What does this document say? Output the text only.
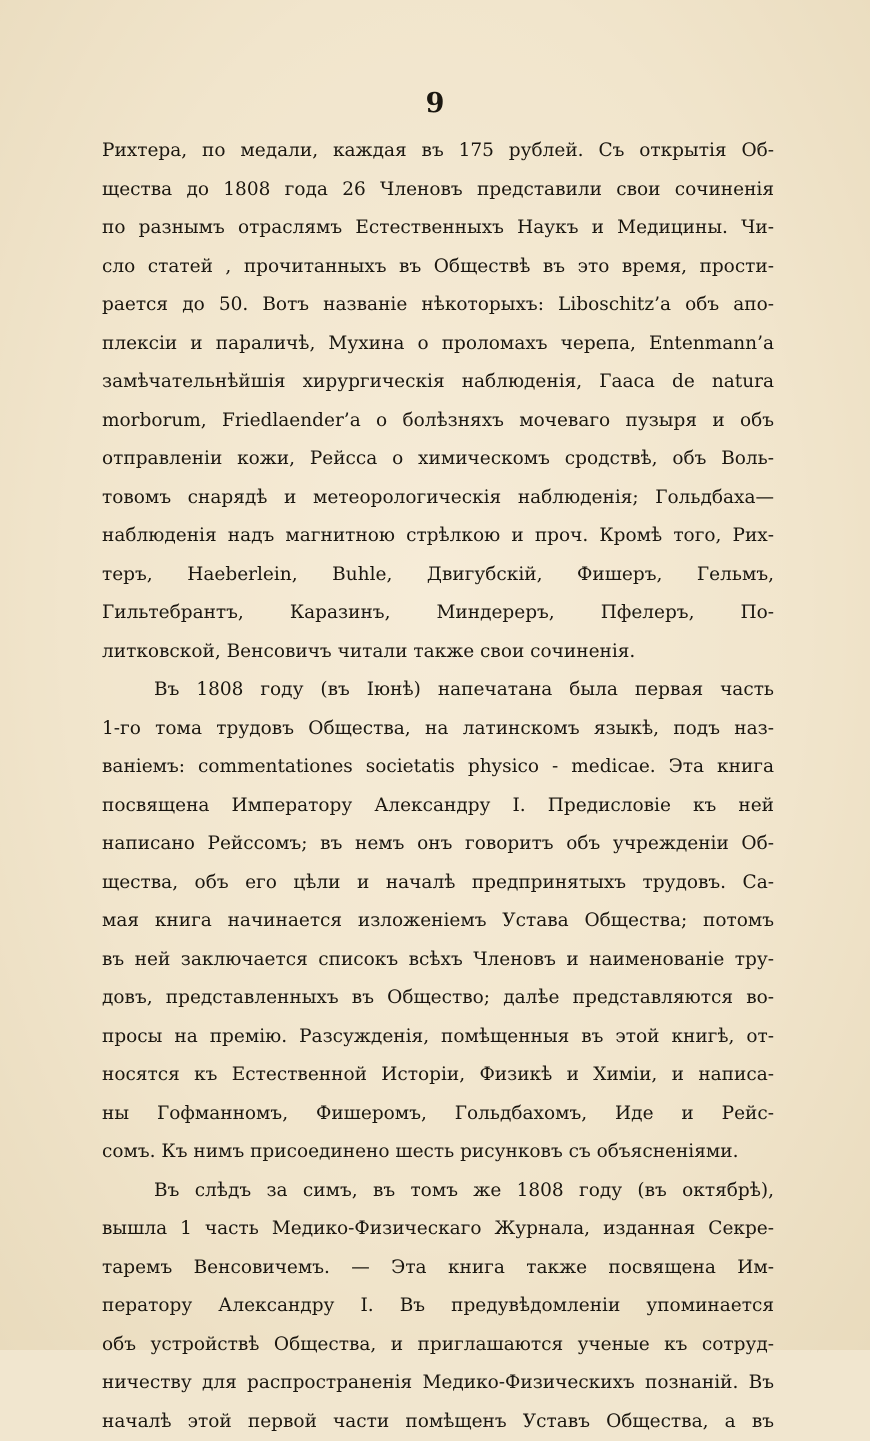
9
Рихтера, по медали, каждая въ 175 рублей. Съ открытія Об-
щества до 1808 года 26 Членовъ представили свои сочиненія
по разнымъ отраслямъ Естественныхъ Наукъ и Медицины. Чи-
сло статей , прочитанныхъ въ Обществѣ въ это время, прости-
рается до 50. Вотъ названіе нѣкоторыхъ: Liboschitz’а объ апо-
плексіи и параличѣ, Мухина о проломахъ черепа, Entenmann’а
замѣчательнѣйшія хирургическія наблюденія, Гааса de natura
morborum, Friedlaender’а о болѣзняхъ мочеваго пузыря и объ
отправленіи кожи, Рейсса о химическомъ сродствѣ, объ Воль-
товомъ снарядѣ и метеорологическія наблюденія; Гольдбаха—
наблюденія надъ магнитною стрѣлкою и проч. Кромѣ того, Рих-
теръ, Haeberlein, Buhle, Двигубскій, Фишеръ, Гельмъ,
Гильтебрантъ, Каразинъ, Миндереръ, Пфелеръ, По-
литковской, Венсовичъ читали также свои сочиненія.
Въ 1808 году (въ Іюнѣ) напечатана была первая часть
1-го тома трудовъ Общества, на латинскомъ языкѣ, подъ наз-
ваніемъ: commentationes societatis physico - medicae. Эта книга
посвящена Императору Александру I. Предисловіе къ ней
написано Рейссомъ; въ немъ онъ говоритъ объ учрежденіи Об-
щества, объ его цѣли и началѣ предпринятыхъ трудовъ. Са-
мая книга начинается изложеніемъ Устава Общества; потомъ
въ ней заключается списокъ всѣхъ Членовъ и наименованіе тру-
довъ, представленныхъ въ Общество; далѣе представляются во-
просы на премію. Разсужденія, помѣщенныя въ этой книгѣ, от-
носятся къ Естественной Исторіи, Физикѣ и Химіи, и написа-
ны Гофманномъ, Фишеромъ, Гольдбахомъ, Иде и Рейс-
сомъ. Къ нимъ присоединено шесть рисунковъ съ объясненіями.
Въ слѣдъ за симъ, въ томъ же 1808 году (въ октябрѣ),
вышла 1 часть Медико-Физическаго Журнала, изданная Секре-
таремъ Венсовичемъ. — Эта книга также посвящена Им-
ператору Александру I. Въ предувѣдомленіи упоминается
объ устройствѣ Общества, и приглашаются ученые къ сотруд-
ничеству для распространенія Медико-Физическихъ познаній. Въ
началѣ этой первой части помѣщенъ Уставъ Общества, а въ
